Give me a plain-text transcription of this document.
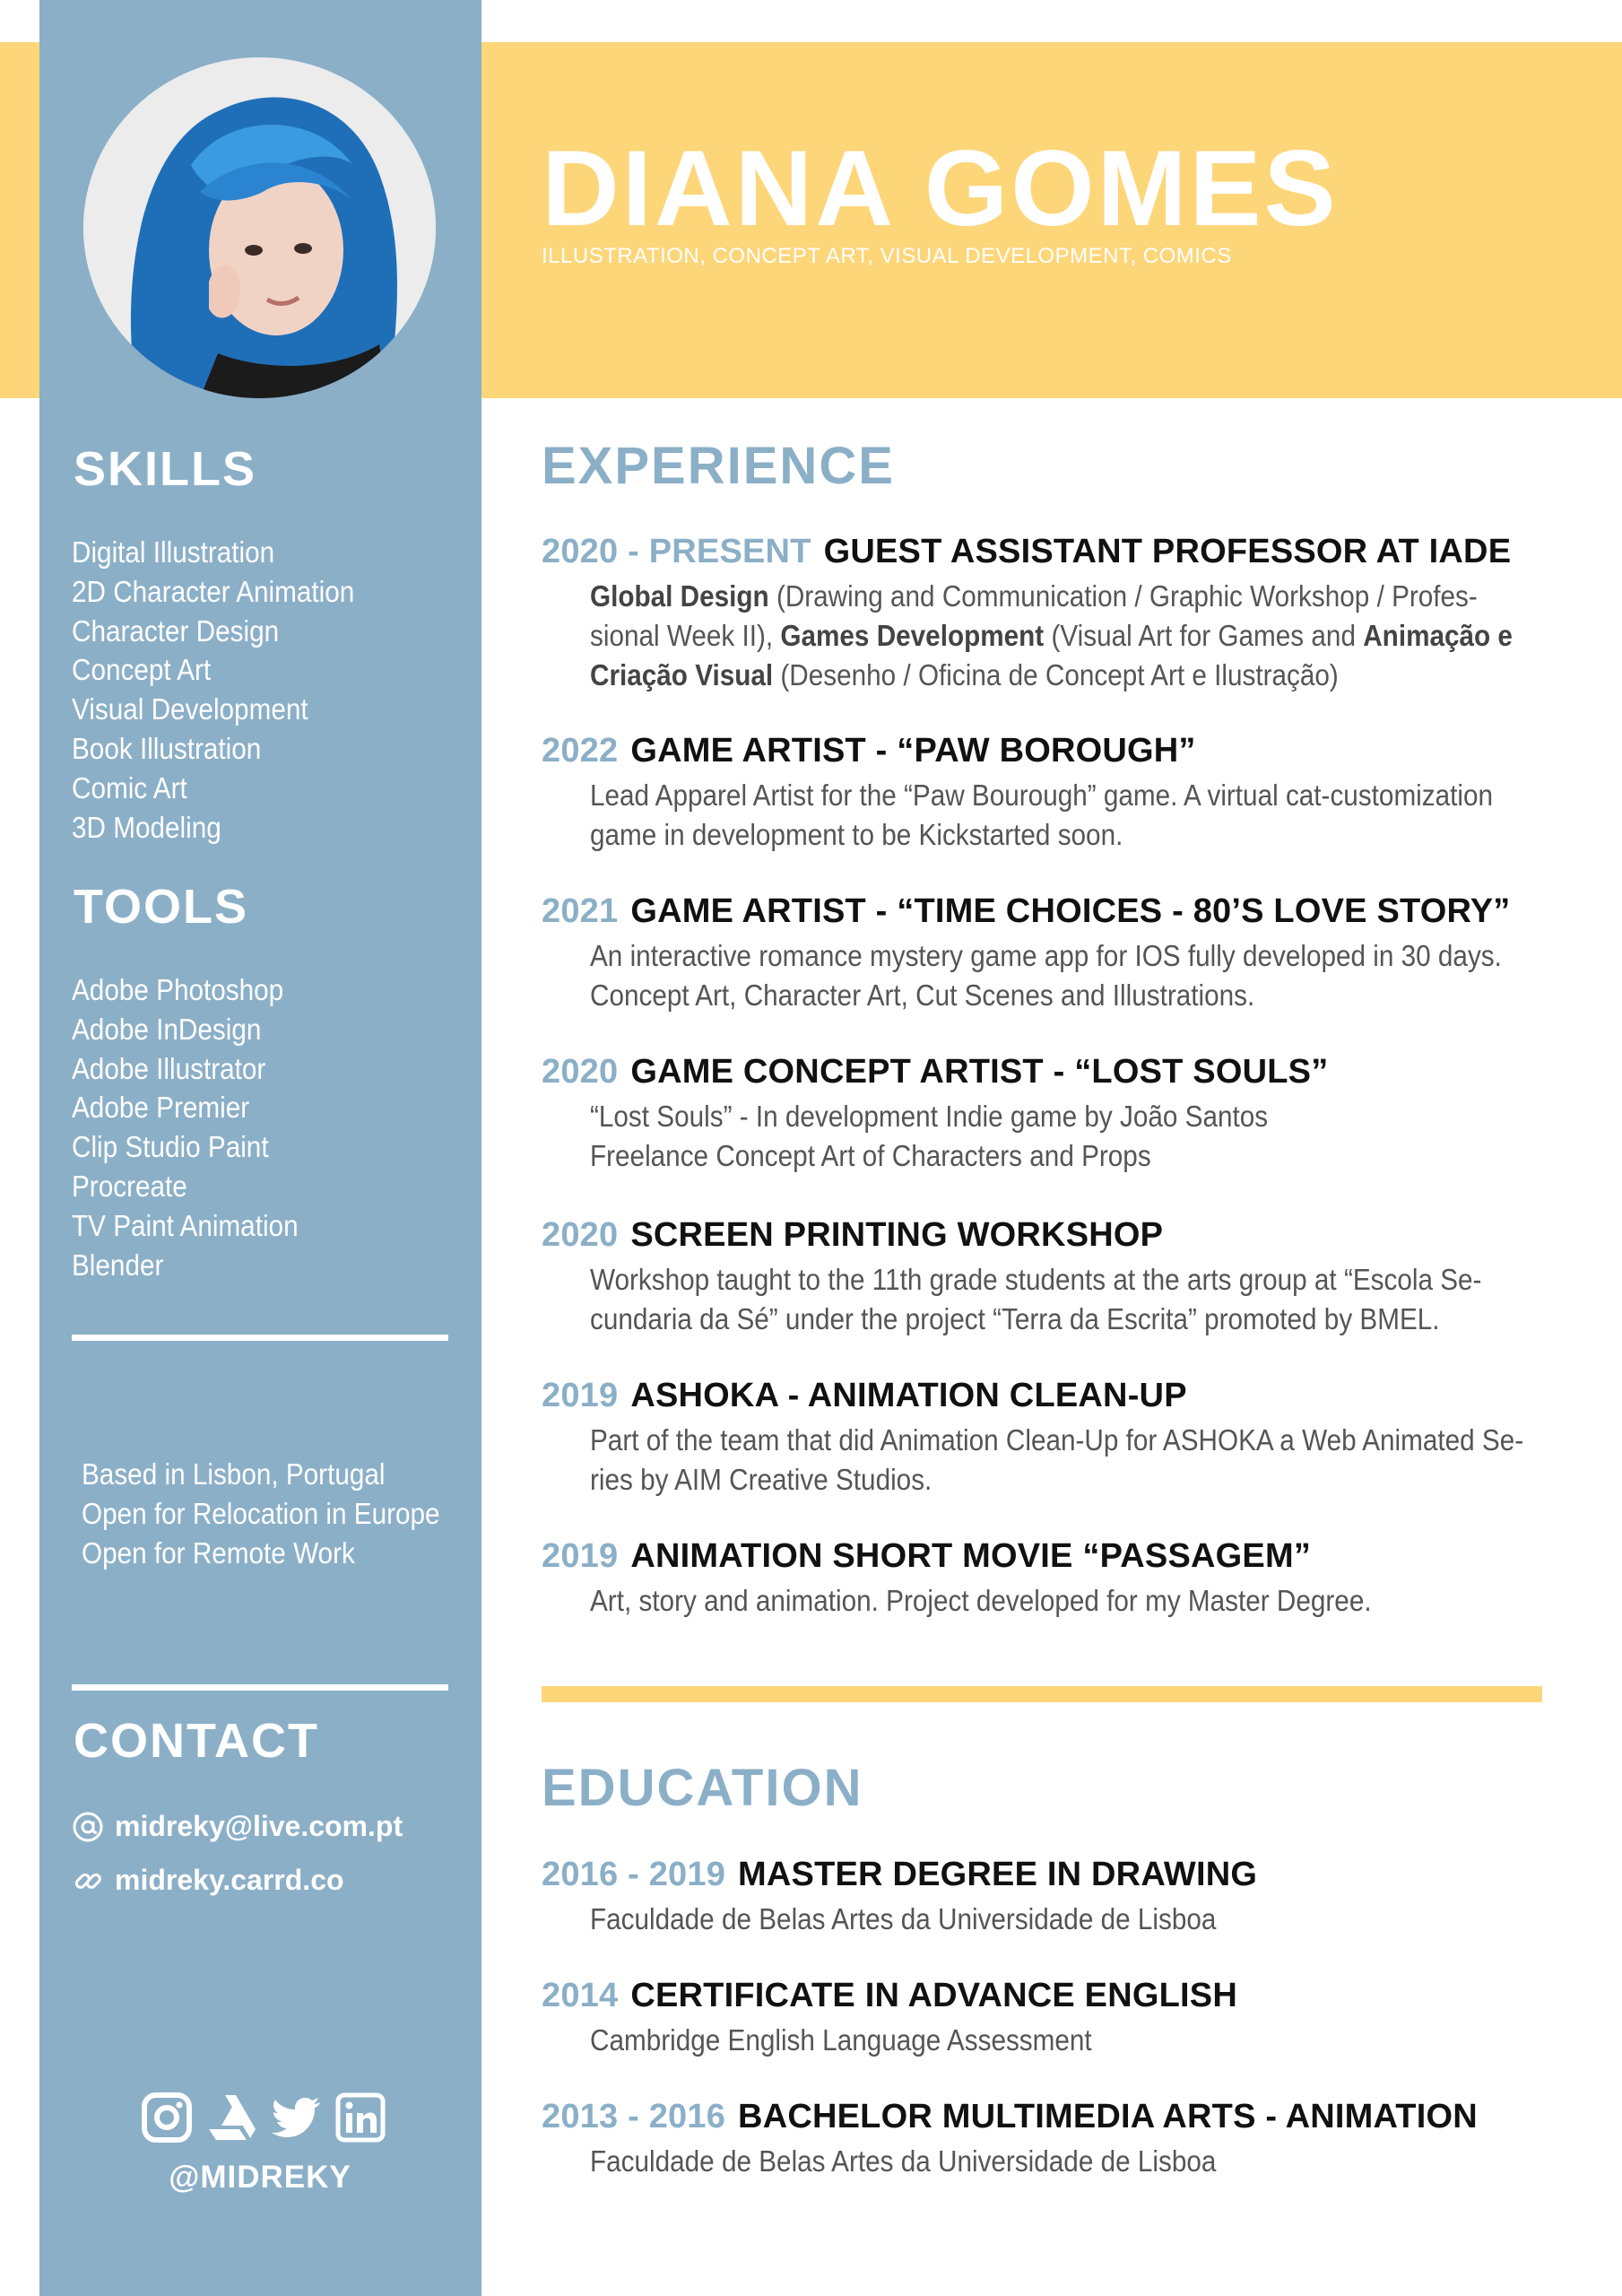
SKILLS
Digital Illustration
2D Character Animation
Character Design
Concept Art
Visual Development
Book Illustration
Comic Art
3D Modeling
TOOLS
Adobe Photoshop
Adobe InDesign
Adobe Illustrator
Adobe Premier
Clip Studio Paint
Procreate
TV Paint Animation
Blender
Based in Lisbon, Portugal
Open for Relocation in Europe
Open for Remote Work
CONTACT
midreky@live.com.pt
midreky.carrd.co
@MIDREKY
DIANA GOMES
ILLUSTRATION, CONCEPT ART, VISUAL DEVELOPMENT, COMICS
EXPERIENCE
2020 - PRESENT GUEST ASSISTANT PROFESSOR AT IADE
Global Design (Drawing and Communication / Graphic Workshop / Profes-
sional Week II), Games Development (Visual Art for Games and Animação e
Criação Visual (Desenho / Oficina de Concept Art e Ilustração)
2022 GAME ARTIST - “PAW BOROUGH”
Lead Apparel Artist for the “Paw Bourough” game. A virtual cat-customization
game in development to be Kickstarted soon.
2021 GAME ARTIST - “TIME CHOICES - 80’S LOVE STORY”
An interactive romance mystery game app for IOS fully developed in 30 days.
Concept Art, Character Art, Cut Scenes and Illustrations.
2020 GAME CONCEPT ARTIST - “LOST SOULS”
“Lost Souls” - In development Indie game by João Santos
Freelance Concept Art of Characters and Props
2020 SCREEN PRINTING WORKSHOP
Workshop taught to the 11th grade students at the arts group at “Escola Se-
cundaria da Sé” under the project “Terra da Escrita” promoted by BMEL.
2019 ASHOKA - ANIMATION CLEAN-UP
Part of the team that did Animation Clean-Up for ASHOKA a Web Animated Se-
ries by AIM Creative Studios.
2019 ANIMATION SHORT MOVIE “PASSAGEM”
Art, story and animation. Project developed for my Master Degree.
EDUCATION
2016 - 2019 MASTER DEGREE IN DRAWING
Faculdade de Belas Artes da Universidade de Lisboa
2014 CERTIFICATE IN ADVANCE ENGLISH
Cambridge English Language Assessment
2013 - 2016 BACHELOR MULTIMEDIA ARTS - ANIMATION
Faculdade de Belas Artes da Universidade de Lisboa
